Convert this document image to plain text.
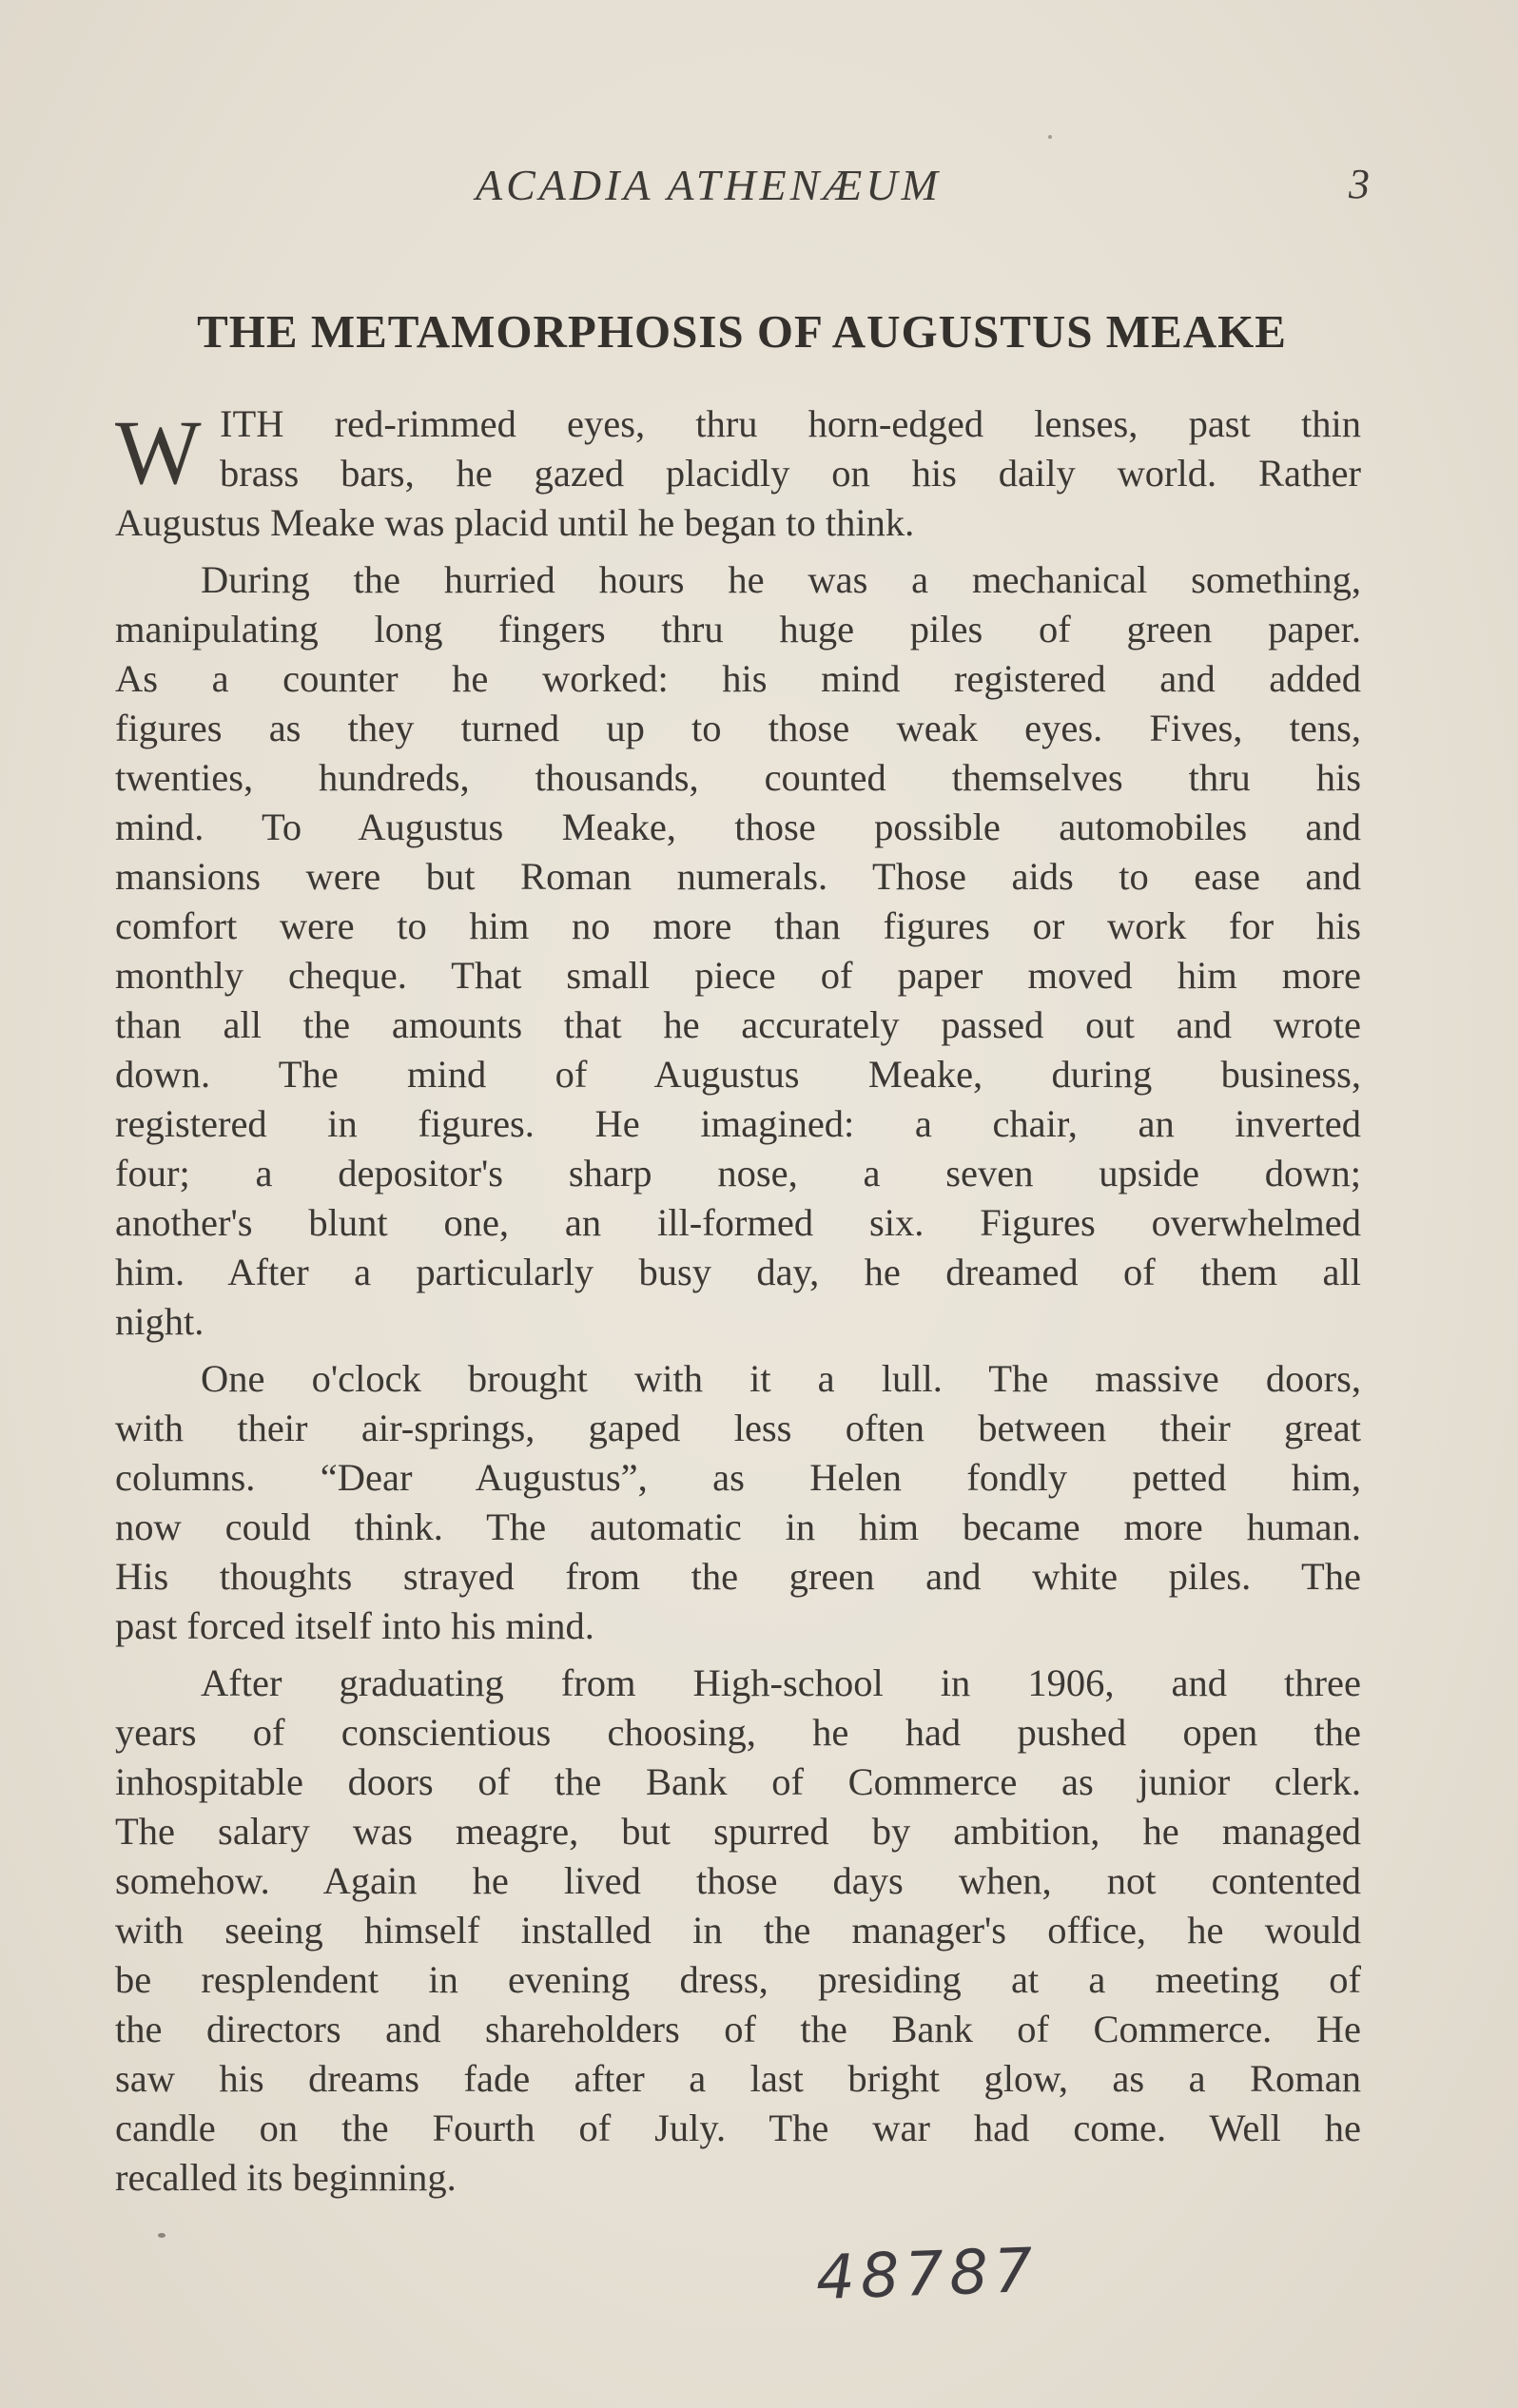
ACADIA ATHENÆUM	3
THE METAMORPHOSIS OF AUGUSTUS MEAKE
W ITH red-rimmed eyes, thru horn-edged lenses, past thin
brass bars, he gazed placidly on his daily world. Rather
Augustus Meake was placid until he began to think.
During the hurried hours he was a mechanical something,
manipulating long fingers thru huge piles of green paper.
As a counter he worked: his mind registered and added
figures as they turned up to those weak eyes. Fives, tens,
twenties, hundreds, thousands, counted themselves thru his
mind. To Augustus Meake, those possible automobiles and
mansions were but Roman numerals. Those aids to ease and
comfort were to him no more than figures or work for his
monthly cheque. That small piece of paper moved him more
than all the amounts that he accurately passed out and wrote
down. The mind of Augustus Meake, during business,
registered in figures. He imagined: a chair, an inverted
four; a depositor's sharp nose, a seven upside down;
another's blunt one, an ill-formed six. Figures overwhelmed
him. After a particularly busy day, he dreamed of them all
night.
One o'clock brought with it a lull. The massive doors,
with their air-springs, gaped less often between their great
columns. “Dear Augustus”, as Helen fondly petted him,
now could think. The automatic in him became more human.
His thoughts strayed from the green and white piles. The
past forced itself into his mind.
After graduating from High-school in 1906, and three
years of conscientious choosing, he had pushed open the
inhospitable doors of the Bank of Commerce as junior clerk.
The salary was meagre, but spurred by ambition, he managed
somehow. Again he lived those days when, not contented
with seeing himself installed in the manager's office, he would
be resplendent in evening dress, presiding at a meeting of
the directors and shareholders of the Bank of Commerce. He
saw his dreams fade after a last bright glow, as a Roman
candle on the Fourth of July. The war had come. Well he
recalled its beginning.
48787
